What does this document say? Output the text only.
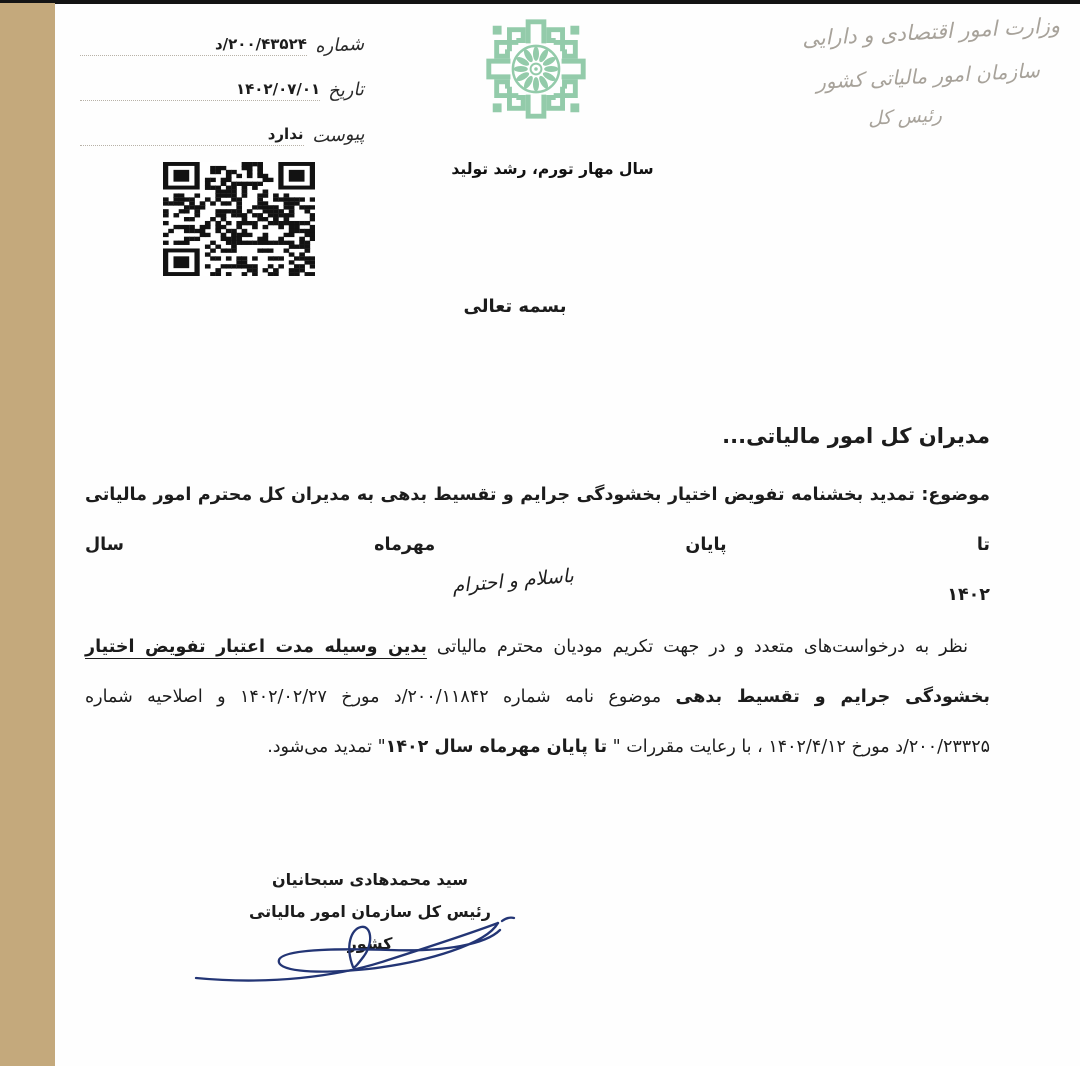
شماره
۲۰۰/۴۳۵۲۴/د
تاریخ
۱۴۰۲/۰۷/۰۱
پیوست
ندارد
سال مهار تورم، رشد تولید
وزارت امور اقتصادی و دارایی
سازمان امور مالیاتی کشور
رئیس کل
بسمه تعالی
مدیران کل امور مالیاتی...
موضوع: تمدید بخشنامه تفویض اختیار بخشودگی جرایم و تقسیط بدهی به مدیران کل محترم امور مالیاتی تا پایان مهرماه سال
۱۴۰۲
باسلام و احترام
نظر به درخواست‌های متعدد و در جهت تکریم مودیان محترم مالیاتی بدین وسیله مدت اعتبار تفویض اختیار
بخشودگی جرایم و تقسیط بدهی موضوع نامه شماره ۲۰۰/۱۱۸۴۲/د مورخ ۱۴۰۲/۰۲/۲۷ و اصلاحیه شماره
۲۰۰/۲۳۳۲۵/د مورخ ۱۴۰۲/۴/۱۲ ، با رعایت مقررات " تا پایان مهرماه سال ۱۴۰۲" تمدید می‌شود.
سید محمدهادی سبحانیان
رئیس کل سازمان امور مالیاتی کشور
